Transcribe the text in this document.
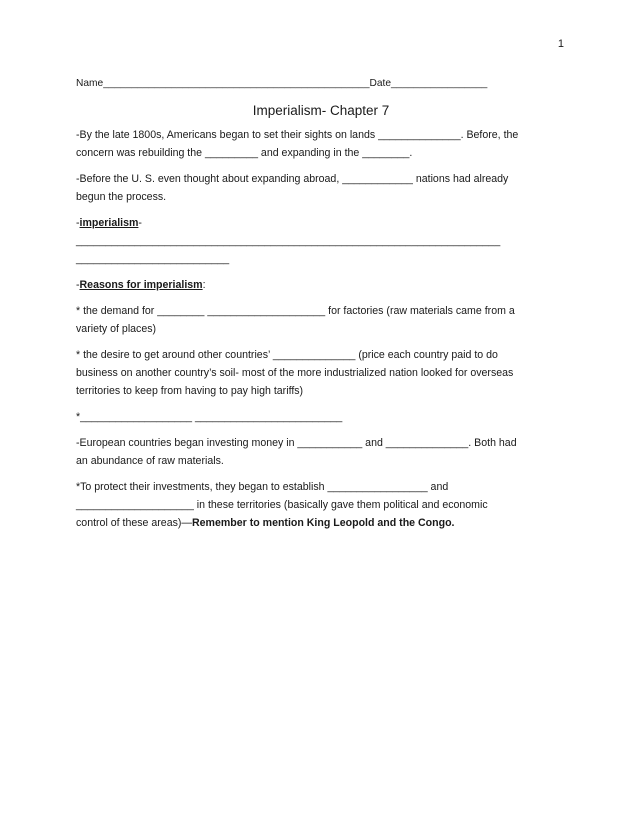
1
Name_______________________________________________Date_________________
Imperialism- Chapter 7

-By the late 1800s, Americans began to set their sights on lands ______________. Before, the
concern was rebuilding the _________ and expanding in the ________.

-Before the U. S. even thought about expanding abroad, ____________ nations had already
begun the process.

-imperialism-
________________________________________________________________________
__________________________

-Reasons for imperialism:

* the demand for ________ ____________________ for factories (raw materials came from a
variety of places)

* the desire to get around other countries’ ______________ (price each country paid to do
business on another country’s soil- most of the more industrialized nation looked for overseas
territories to keep from having to pay high tariffs)

*___________________ _________________________

-European countries began investing money in ___________ and ______________. Both had
an abundance of raw materials.

*To protect their investments, they began to establish _________________ and
____________________ in these territories (basically gave them political and economic
control of these areas)—Remember to mention King Leopold and the Congo.
